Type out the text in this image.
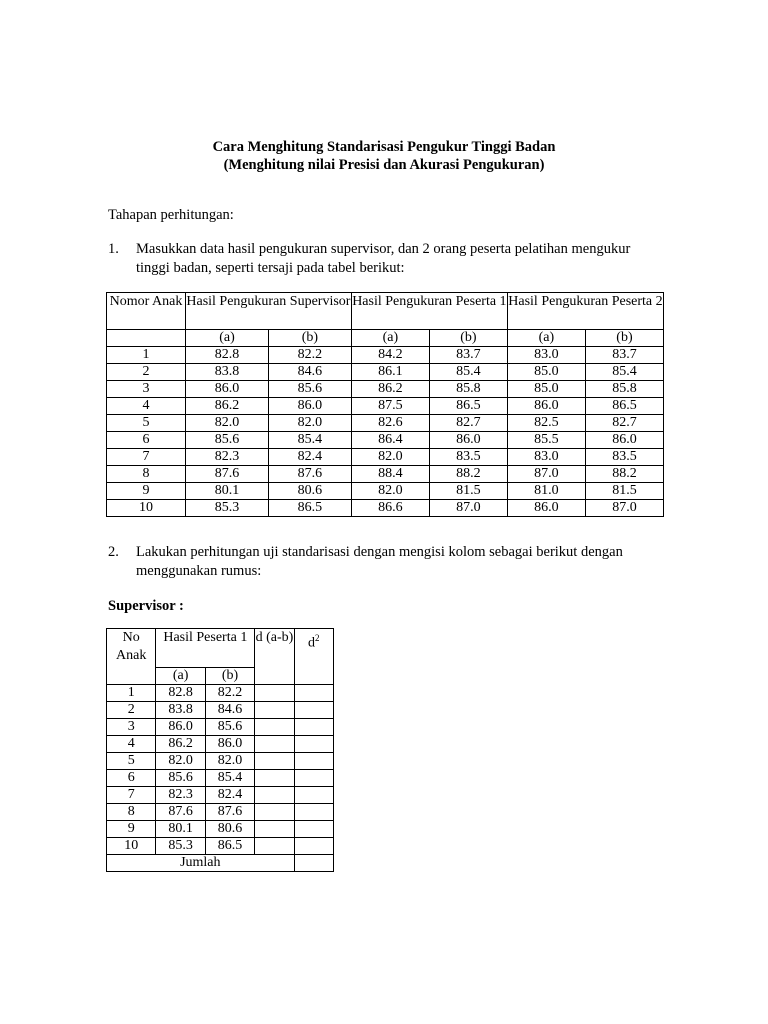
Cara Menghitung Standarisasi Pengukur Tinggi Badan
(Menghitung nilai Presisi dan Akurasi Pengukuran)
Tahapan perhitungan:
1. Masukkan data hasil pengukuran supervisor, dan 2 orang peserta pelatihan mengukur tinggi badan, seperti tersaji pada tabel berikut:
Nomor Anak	Hasil Pengukuran Supervisor		Hasil Pengukuran Peserta 1		Hasil Pengukuran Peserta 2	
	(a)	(b)	(a)	(b)	(a)	(b)
1	82.8	82.2	84.2	83.7	83.0	83.7
2	83.8	84.6	86.1	85.4	85.0	85.4
3	86.0	85.6	86.2	85.8	85.0	85.8
4	86.2	86.0	87.5	86.5	86.0	86.5
5	82.0	82.0	82.6	82.7	82.5	82.7
6	85.6	85.4	86.4	86.0	85.5	86.0
7	82.3	82.4	82.0	83.5	83.0	83.5
8	87.6	87.6	88.4	88.2	87.0	88.2
9	80.1	80.6	82.0	81.5	81.0	81.5
10	85.3	86.5	86.6	87.0	86.0	87.0
2. Lakukan perhitungan uji standarisasi dengan mengisi kolom sebagai berikut dengan menggunakan rumus:
Supervisor :
No Anak	Hasil Peserta 1		d (a-b)	$d^2$
	(a)	(b)		
1	82.8	82.2		
2	83.8	84.6		
3	86.0	85.6		
4	86.2	86.0		
5	82.0	82.0		
6	85.6	85.4		
7	82.3	82.4		
8	87.6	87.6		
9	80.1	80.6		
10	85.3	86.5		
Jumlah				
